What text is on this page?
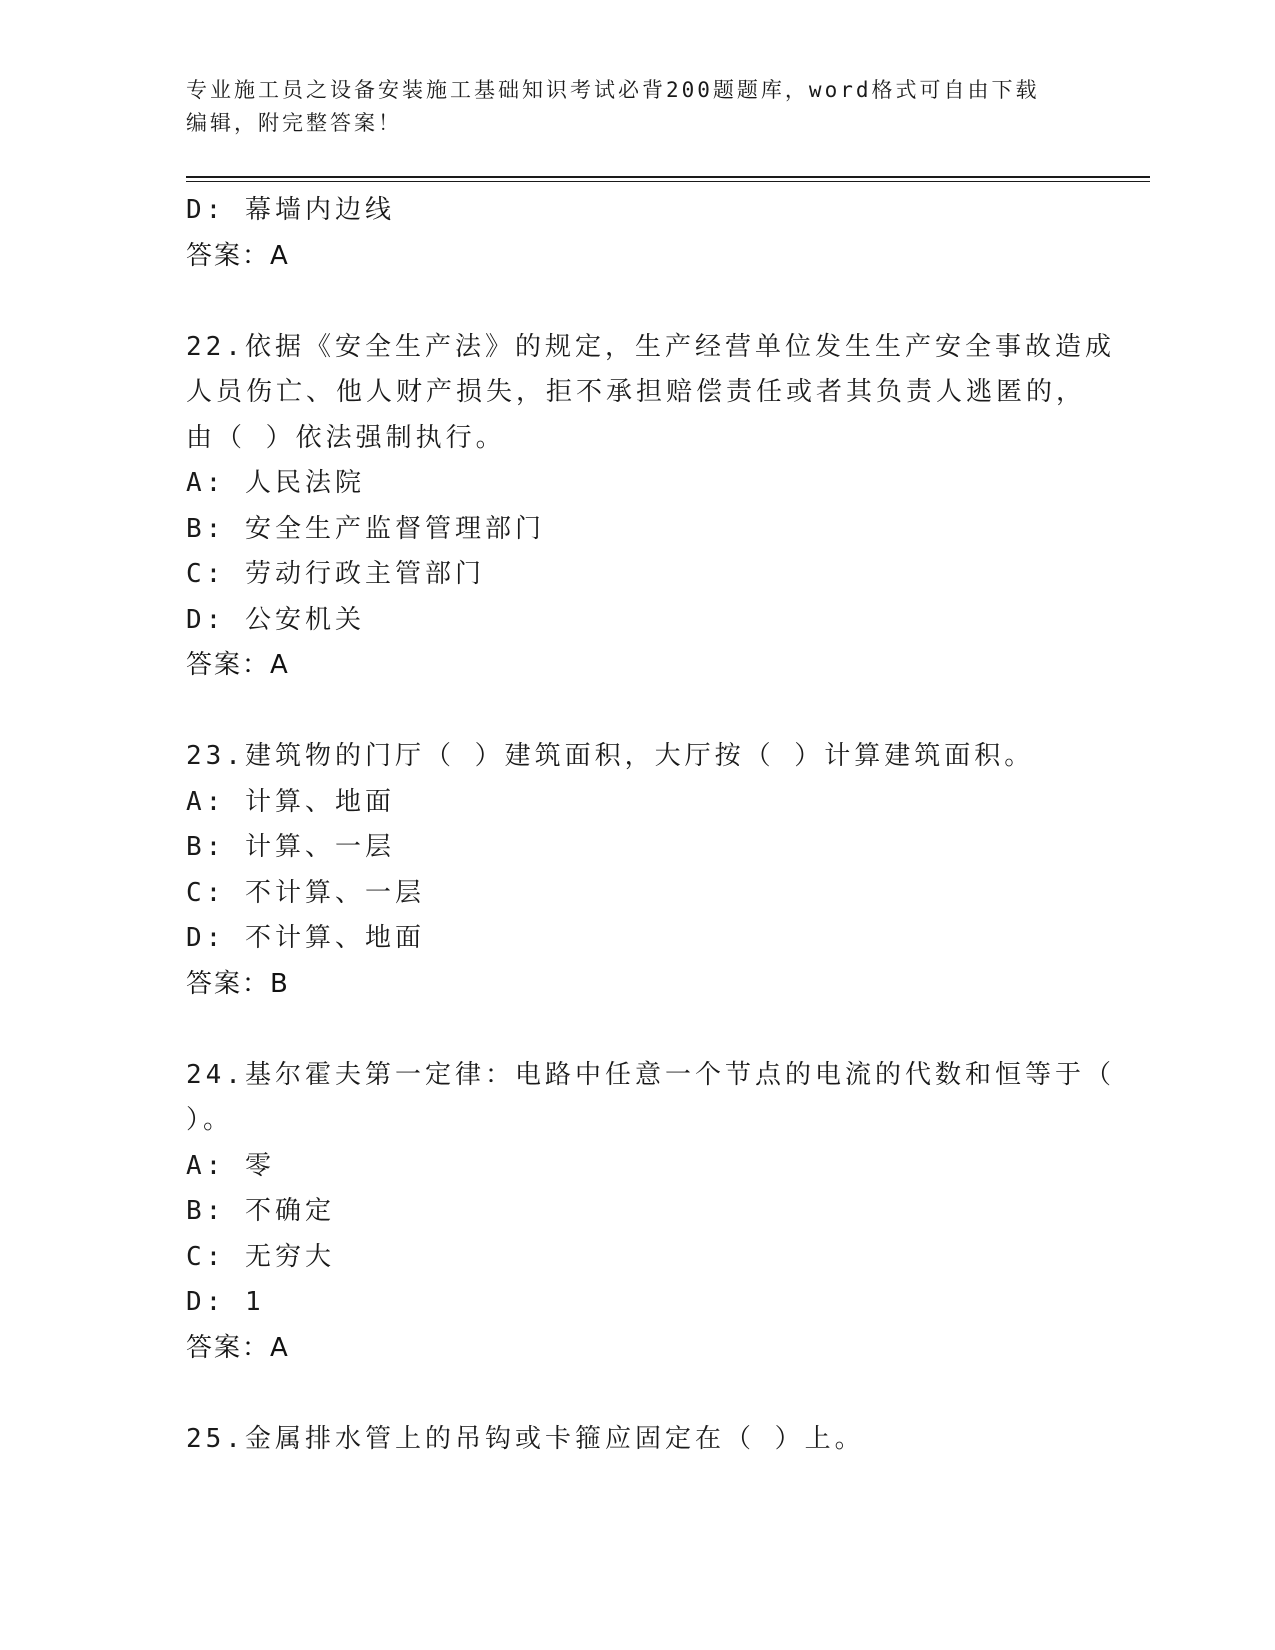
专业施工员之设备安装施工基础知识考试必背200题题库，word格式可自由下载
编辑，附完整答案！
D: 幕墙内边线
答案：A
22.依据《安全生产法》的规定，生产经营单位发生生产安全事故造成
人员伤亡、他人财产损失，拒不承担赔偿责任或者其负责人逃匿的，
由（ ）依法强制执行。
A: 人民法院
B: 安全生产监督管理部门
C: 劳动行政主管部门
D: 公安机关
答案：A
23.建筑物的门厅（ ）建筑面积，大厅按（ ）计算建筑面积。
A: 计算、地面
B: 计算、一层
C: 不计算、一层
D: 不计算、地面
答案：B
24.基尔霍夫第一定律：电路中任意一个节点的电流的代数和恒等于（
）。
A: 零
B: 不确定
C: 无穷大
D: 1
答案：A
25.金属排水管上的吊钩或卡箍应固定在（ ）上。
